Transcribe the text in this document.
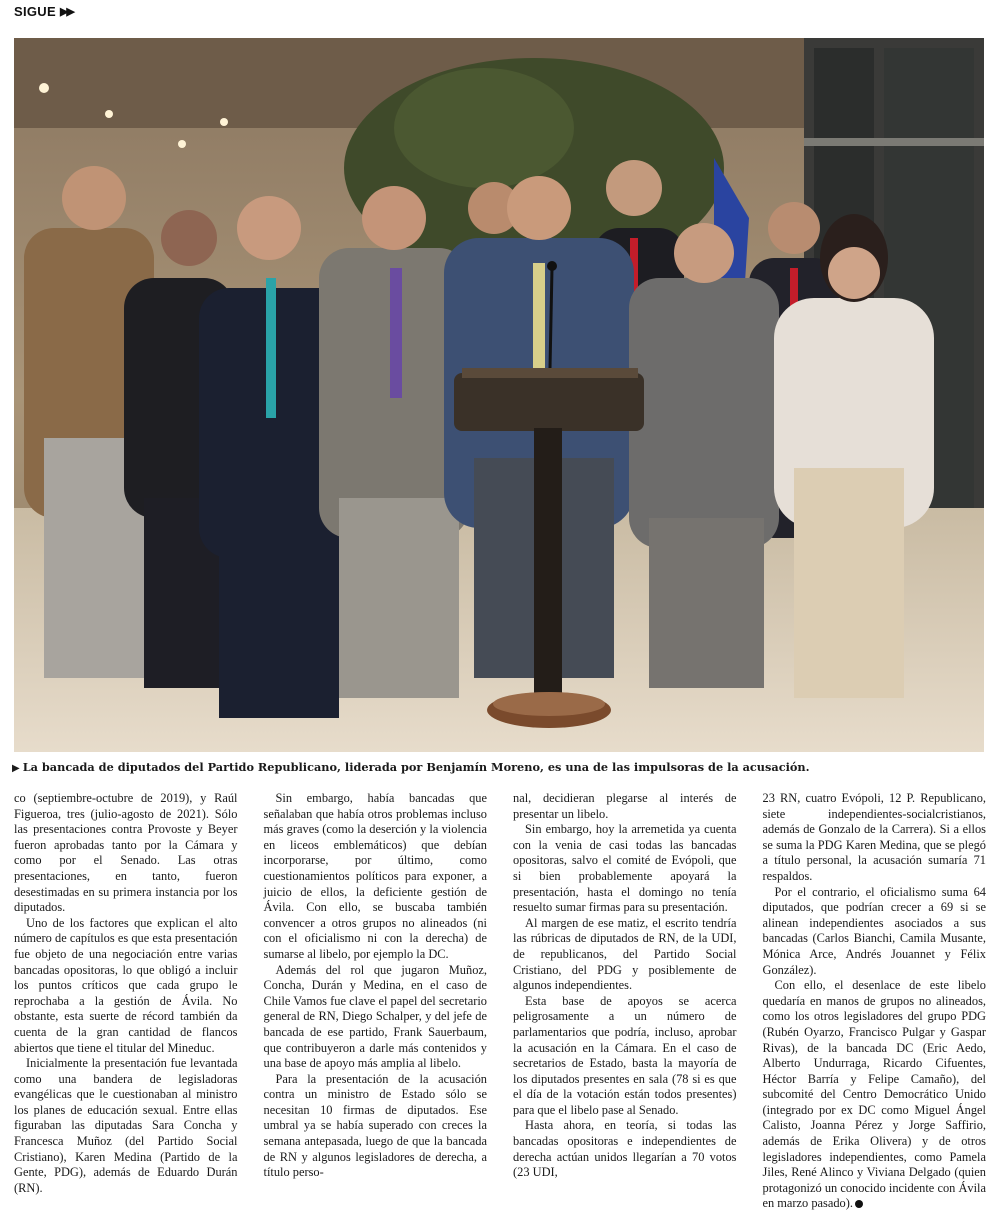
SIGUE ▶▶
▶ La bancada de diputados del Partido Republicano, liderada por Benjamín Moreno, es una de las impulsoras de la acusación.

co (septiembre-octubre de 2019), y Raúl Figueroa, tres (julio-agosto de 2021). Sólo las presentaciones contra Provoste y Beyer fueron aprobadas tanto por la Cámara y como por el Senado. Las otras presentaciones, en tanto, fueron desestimadas en su primera instancia por los diputados.

Uno de los factores que explican el alto número de capítulos es que esta presentación fue objeto de una negociación entre varias bancadas opositoras, lo que obligó a incluir los puntos críticos que cada grupo le reprochaba a la gestión de Ávila. No obstante, esta suerte de récord también da cuenta de la gran cantidad de flancos abiertos que tiene el titular del Mineduc.

Inicialmente la presentación fue levantada como una bandera de legisladoras evangélicas que le cuestionaban al ministro los planes de educación sexual. Entre ellas figuraban las diputadas Sara Concha y Francesca Muñoz (del Partido Social Cristiano), Karen Medina (Partido de la Gente, PDG), además de Eduardo Durán (RN).

Sin embargo, había bancadas que señalaban que había otros problemas incluso más graves (como la deserción y la violencia en liceos emblemáticos) que debían incorporarse, por último, como cuestionamientos políticos para exponer, a juicio de ellos, la deficiente gestión de Ávila. Con ello, se buscaba también convencer a otros grupos no alineados (ni con el oficialismo ni con la derecha) de sumarse al libelo, por ejemplo la DC.

Además del rol que jugaron Muñoz, Concha, Durán y Medina, en el caso de Chile Vamos fue clave el papel del secretario general de RN, Diego Schalper, y del jefe de bancada de ese partido, Frank Sauerbaum, que contribuyeron a darle más contenidos y una base de apoyo más amplia al libelo.

Para la presentación de la acusación contra un ministro de Estado sólo se necesitan 10 firmas de diputados. Ese umbral ya se había superado con creces la semana antepasada, luego de que la bancada de RN y algunos legisladores de derecha, a título perso-

nal, decidieran plegarse al interés de presentar un libelo.

Sin embargo, hoy la arremetida ya cuenta con la venia de casi todas las bancadas opositoras, salvo el comité de Evópoli, que si bien probablemente apoyará la presentación, hasta el domingo no tenía resuelto sumar firmas para su presentación.

Al margen de ese matiz, el escrito tendría las rúbricas de diputados de RN, de la UDI, de republicanos, del Partido Social Cristiano, del PDG y posiblemente de algunos independientes.

Esta base de apoyos se acerca peligrosamente a un número de parlamentarios que podría, incluso, aprobar la acusación en la Cámara. En el caso de secretarios de Estado, basta la mayoría de los diputados presentes en sala (78 si es que el día de la votación están todos presentes) para que el libelo pase al Senado.

Hasta ahora, en teoría, si todas las bancadas opositoras e independientes de derecha actúan unidos llegarían a 70 votos (23 UDI,

23 RN, cuatro Evópoli, 12 P. Republicano, siete independientes-socialcristianos, además de Gonzalo de la Carrera). Si a ellos se suma la PDG Karen Medina, que se plegó a título personal, la acusación sumaría 71 respaldos.

Por el contrario, el oficialismo suma 64 diputados, que podrían crecer a 69 si se alinean independientes asociados a sus bancadas (Carlos Bianchi, Camila Musante, Mónica Arce, Andrés Jouannet y Félix González).

Con ello, el desenlace de este libelo quedaría en manos de grupos no alineados, como los otros legisladores del grupo PDG (Rubén Oyarzo, Francisco Pulgar y Gaspar Rivas), de la bancada DC (Eric Aedo, Alberto Undurraga, Ricardo Cifuentes, Héctor Barría y Felipe Camaño), del subcomité del Centro Democrático Unido (integrado por ex DC como Miguel Ángel Calisto, Joanna Pérez y Jorge Saffirio, además de Erika Olivera) y de otros legisladores independientes, como Pamela Jiles, René Alinco y Viviana Delgado (quien protagonizó un conocido incidente con Ávila en marzo pasado).
